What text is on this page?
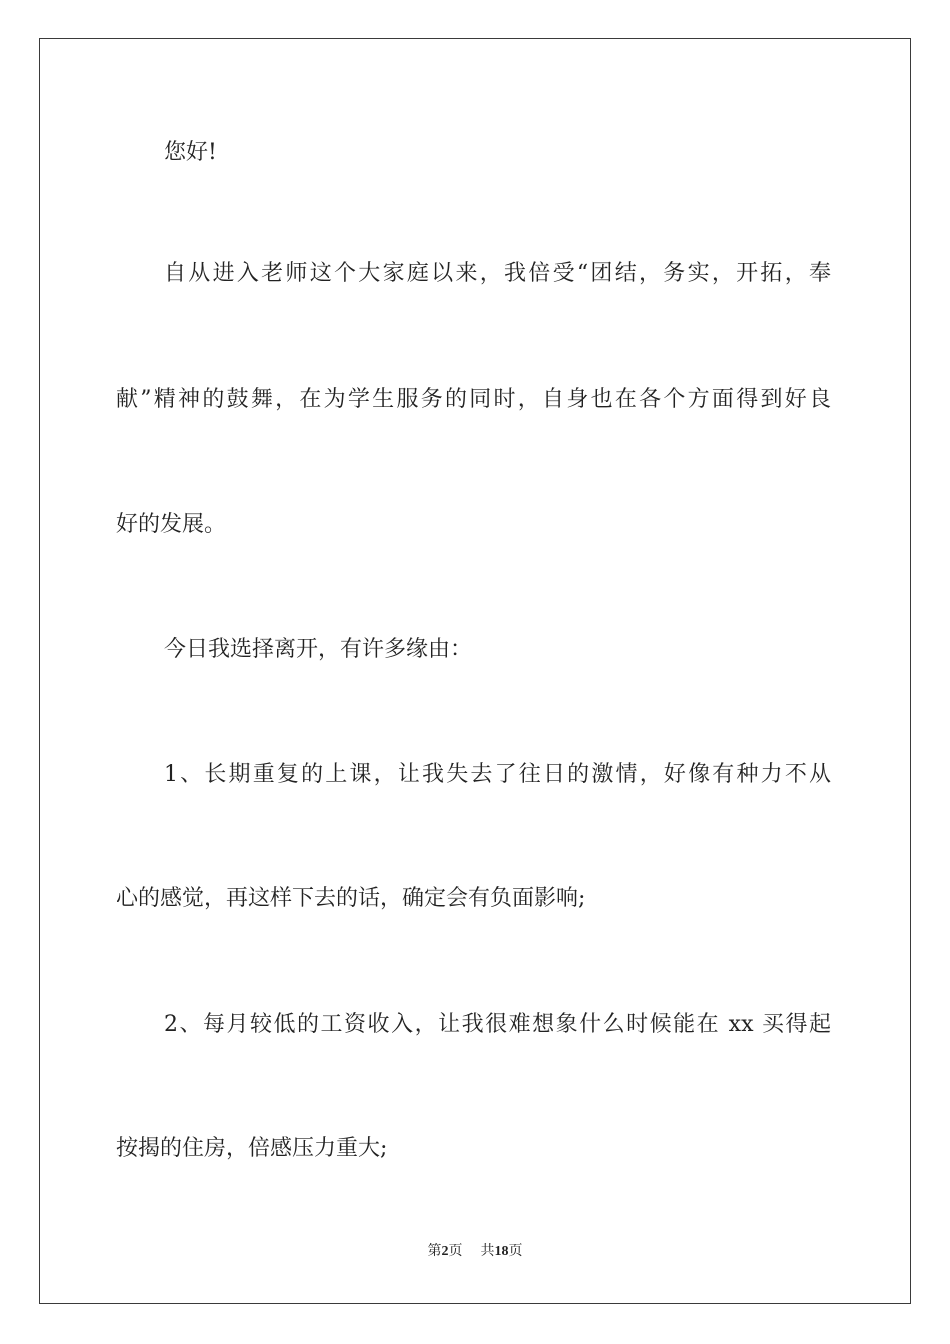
您好!
自从进入老师这个大家庭以来，我倍受“团结，务实，开拓，奉
献”精神的鼓舞，在为学生服务的同时，自身也在各个方面得到好良
好的发展。
今日我选择离开，有许多缘由：
1、长期重复的上课，让我失去了往日的激情，好像有种力不从
心的感觉，再这样下去的话，确定会有负面影响;
2、每月较低的工资收入，让我很难想象什么时候能在 xx 买得起
按揭的住房，倍感压力重大;
第2页 共18页
